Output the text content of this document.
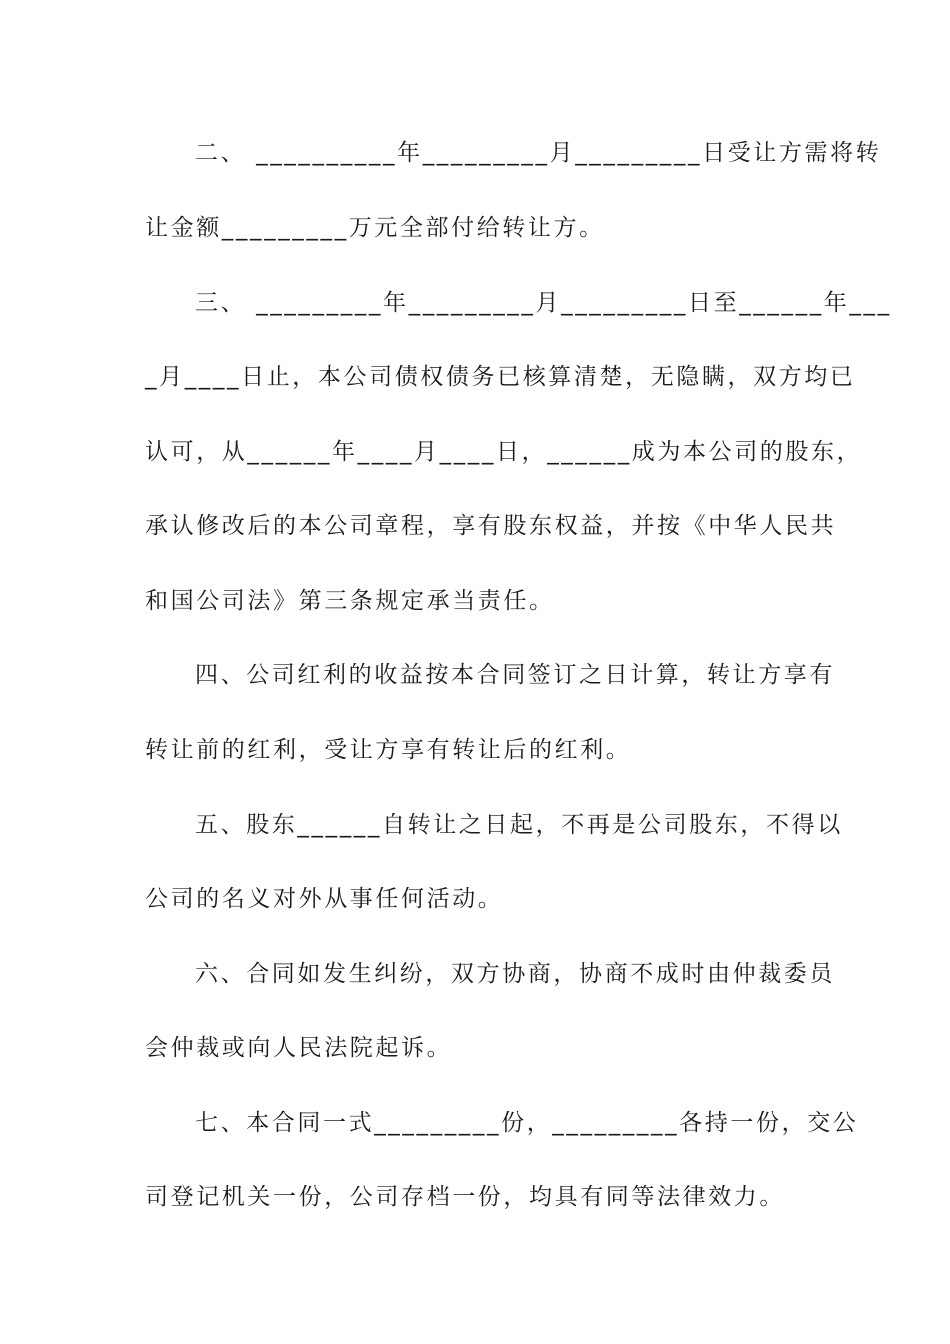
二、 __________年_________月_________日受让方需将转
让金额_________万元全部付给转让方。
三、 _________年_________月_________日至______年___
_月____日止，本公司债权债务已核算清楚，无隐瞒，双方均已
认可，从______年____月____日，______成为本公司的股东，
承认修改后的本公司章程，享有股东权益，并按《中华人民共
和国公司法》第三条规定承当责任。
四、公司红利的收益按本合同签订之日计算，转让方享有
转让前的红利，受让方享有转让后的红利。
五、股东______自转让之日起，不再是公司股东，不得以
公司的名义对外从事任何活动。
六、合同如发生纠纷，双方协商，协商不成时由仲裁委员
会仲裁或向人民法院起诉。
七、本合同一式_________份，_________各持一份，交公
司登记机关一份，公司存档一份，均具有同等法律效力。
